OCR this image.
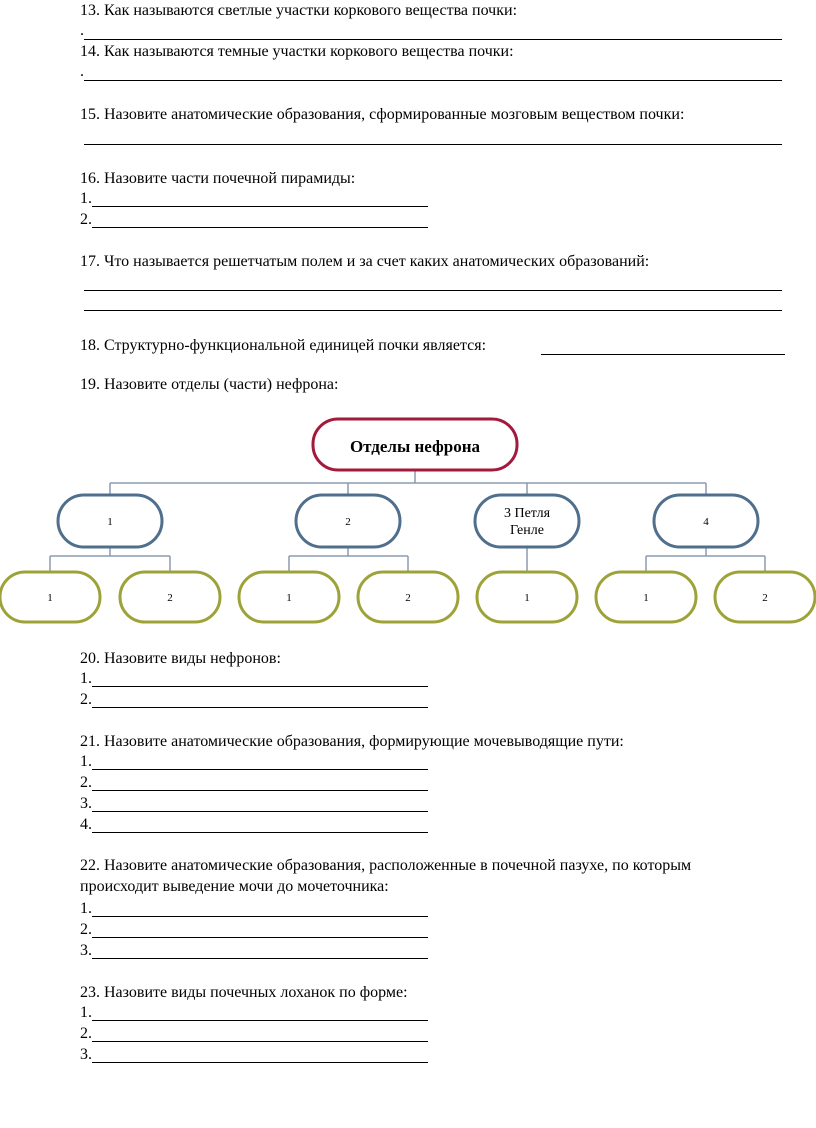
13. Как называются светлые участки коркового вещества почки:
.
14. Как называются темные участки коркового вещества почки:
.
15. Назовите анатомические образования, сформированные мозговым веществом почки:
16. Назовите части почечной пирамиды:
1.
2.
17. Что называется решетчатым полем и за счет каких анатомических образований:
18. Структурно-функциональной единицей почки является:
19. Назовите отделы (части) нефрона:
Отделы нефрона
1	2
3 Петля
Генле
4
1	2	1	2	1	1	2
20. Назовите виды нефронов:
1.
2.
21. Назовите анатомические образования, формирующие мочевыводящие пути:
1.
2.
3.
4.
22. Назовите анатомические образования, расположенные в почечной пазухе, по которым
происходит выведение мочи до мочеточника:
1.
2.
3.
23. Назовите виды почечных лоханок по форме:
1.
2.
3.
